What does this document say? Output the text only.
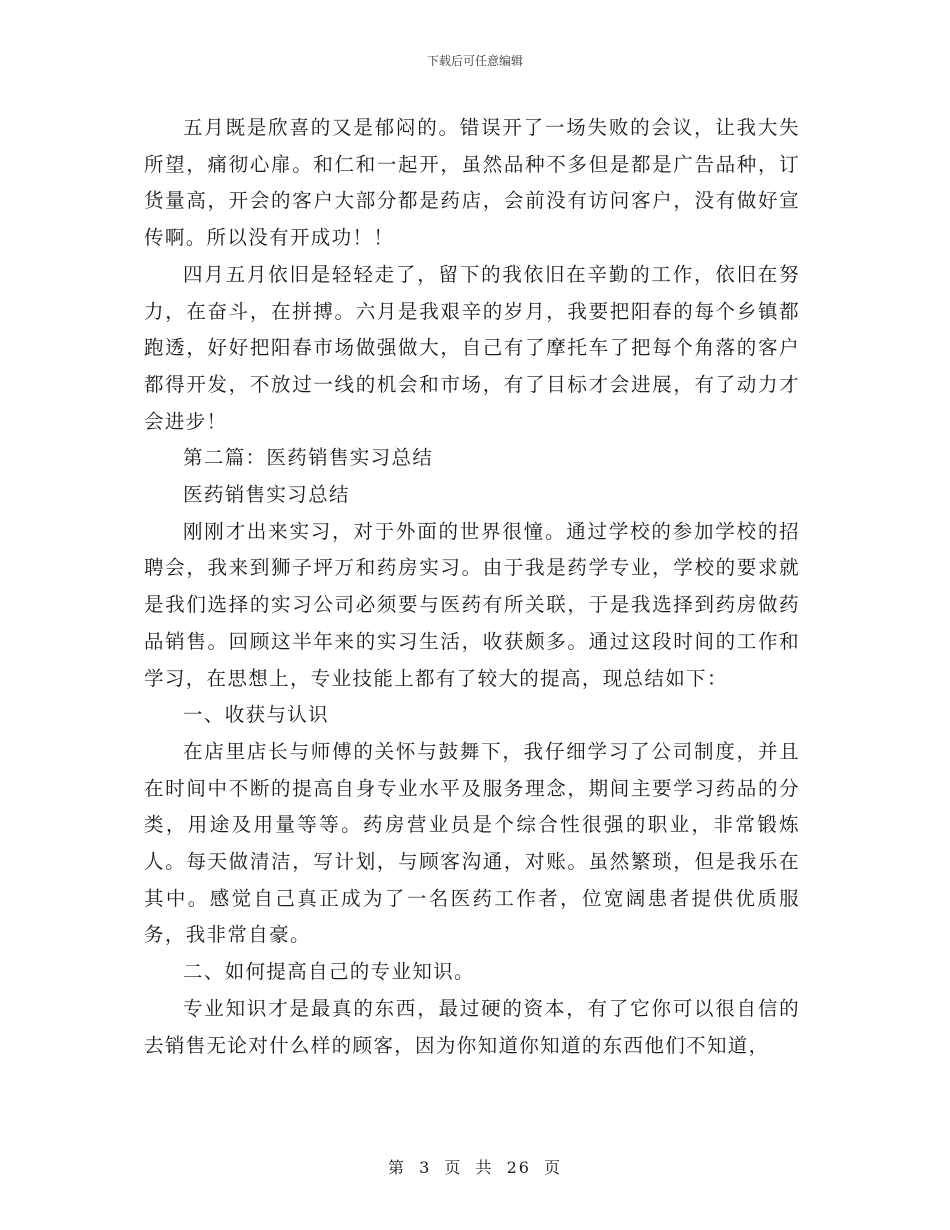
下载后可任意编辑

五月既是欣喜的又是郁闷的。错误开了一场失败的会议，让我大失所望，痛彻心扉。和仁和一起开，虽然品种不多但是都是广告品种，订货量高，开会的客户大部分都是药店，会前没有访问客户，没有做好宣传啊。所以没有开成功！！

四月五月依旧是轻轻走了，留下的我依旧在辛勤的工作，依旧在努力，在奋斗，在拼搏。六月是我艰辛的岁月，我要把阳春的每个乡镇都跑透，好好把阳春市场做强做大，自己有了摩托车了把每个角落的客户都得开发，不放过一线的机会和市场，有了目标才会进展，有了动力才会进步！

第二篇：医药销售实习总结

医药销售实习总结

刚刚才出来实习，对于外面的世界很憧。通过学校的参加学校的招聘会，我来到狮子坪万和药房实习。由于我是药学专业，学校的要求就是我们选择的实习公司必须要与医药有所关联，于是我选择到药房做药品销售。回顾这半年来的实习生活，收获颇多。通过这段时间的工作和学习，在思想上，专业技能上都有了较大的提高，现总结如下：

一、收获与认识

在店里店长与师傅的关怀与鼓舞下，我仔细学习了公司制度，并且在时间中不断的提高自身专业水平及服务理念，期间主要学习药品的分类，用途及用量等等。药房营业员是个综合性很强的职业，非常锻炼人。每天做清洁，写计划，与顾客沟通，对账。虽然繁琐，但是我乐在其中。感觉自己真正成为了一名医药工作者，位宽阔患者提供优质服务，我非常自豪。

二、如何提高自己的专业知识。

专业知识才是最真的东西，最过硬的资本，有了它你可以很自信的去销售无论对什么样的顾客，因为你知道你知道的东西他们不知道，

第 3 页 共 26 页
